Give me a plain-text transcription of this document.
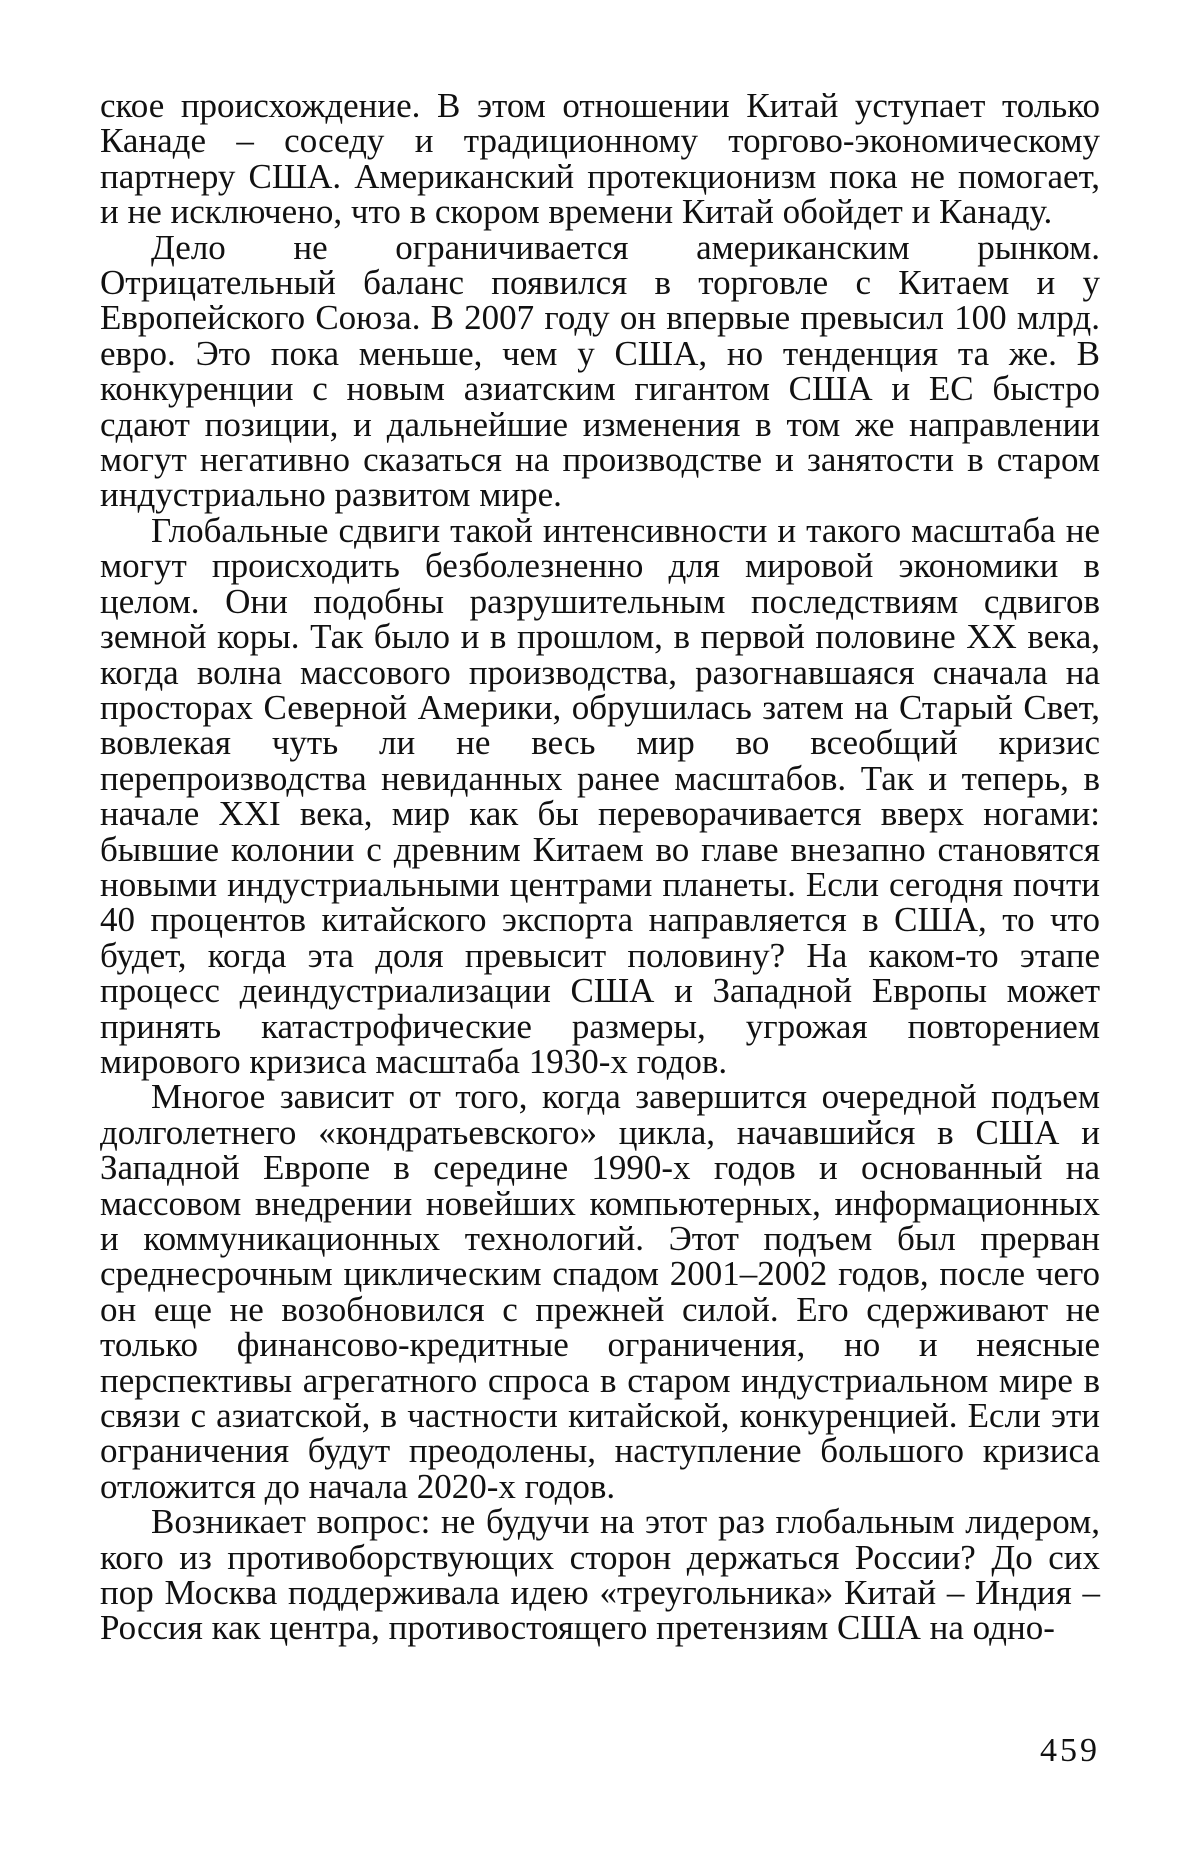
ское происхождение. В этом отношении Китай уступает только Канаде – соседу и традиционному торгово-экономическому партнеру США. Американский протекционизм пока не помогает, и не исключено, что в скором времени Китай обойдет и Канаду.

Дело не ограничивается американским рынком. Отрицательный баланс появился в торговле с Китаем и у Европейского Союза. В 2007 году он впервые превысил 100 млрд. евро. Это пока меньше, чем у США, но тенденция та же. В конкуренции с новым азиатским гигантом США и ЕС быстро сдают позиции, и дальнейшие изменения в том же направлении могут негативно сказаться на производстве и занятости в старом индустриально развитом мире.

Глобальные сдвиги такой интенсивности и такого масштаба не могут происходить безболезненно для мировой экономики в целом. Они подобны разрушительным последствиям сдвигов земной коры. Так было и в прошлом, в первой половине XX века, когда волна массового производства, разогнавшаяся сначала на просторах Северной Америки, обрушилась затем на Старый Свет, вовлекая чуть ли не весь мир во всеобщий кризис перепроизводства невиданных ранее масштабов. Так и теперь, в начале XXI века, мир как бы переворачивается вверх ногами: бывшие колонии с древним Китаем во главе внезапно становятся новыми индустриальными центрами планеты. Если сегодня почти 40 процентов китайского экспорта направляется в США, то что будет, когда эта доля превысит половину? На каком-то этапе процесс деиндустриализации США и Западной Европы может принять катастрофические размеры, угрожая повторением мирового кризиса масштаба 1930-х годов.

Многое зависит от того, когда завершится очередной подъем долголетнего «кондратьевского» цикла, начавшийся в США и Западной Европе в середине 1990-х годов и основанный на массовом внедрении новейших компьютерных, информационных и коммуникационных технологий. Этот подъем был прерван среднесрочным циклическим спадом 2001–2002 годов, после чего он еще не возобновился с прежней силой. Его сдерживают не только финансово-кредитные ограничения, но и неясные перспективы агрегатного спроса в старом индустриальном мире в связи с азиатской, в частности китайской, конкуренцией. Если эти ограничения будут преодолены, наступление большого кризиса отложится до начала 2020-х годов.

Возникает вопрос: не будучи на этот раз глобальным лидером, кого из противоборствующих сторон держаться России? До сих пор Москва поддерживала идею «треугольника» Китай – Индия – Россия как центра, противостоящего претензиям США на одно-

459
